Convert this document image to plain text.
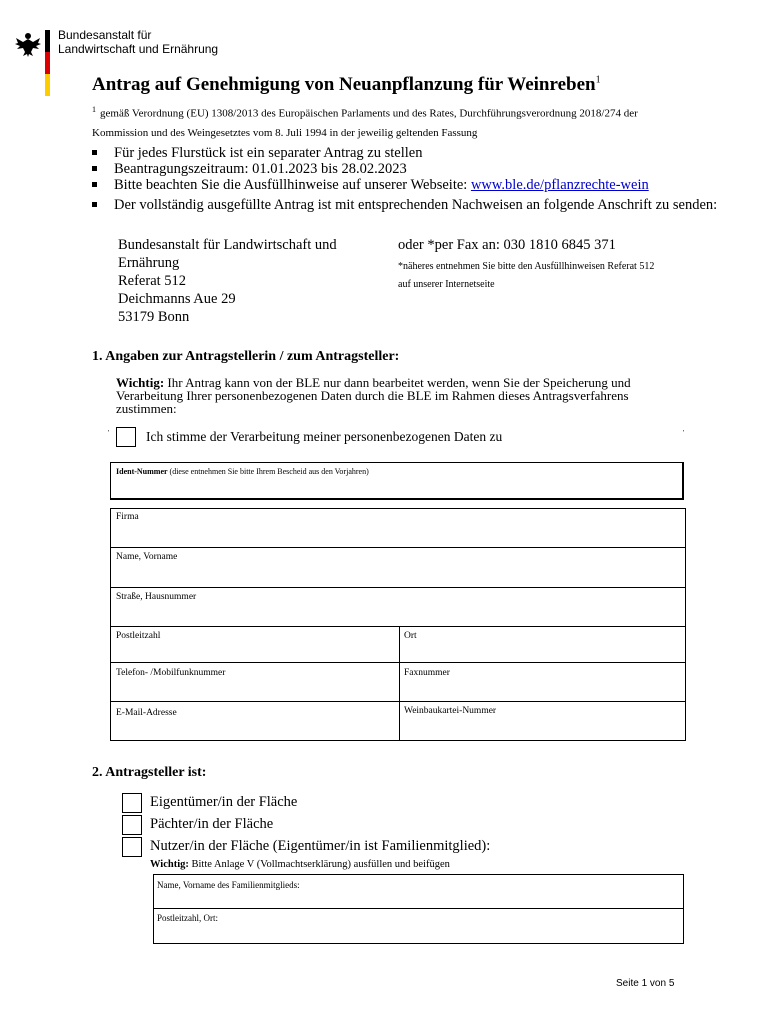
Bundesanstalt für
Landwirtschaft und Ernährung
Antrag auf Genehmigung von Neuanpflanzung für Weinreben$^1$
$^1$ gemäß Verordnung (EU) 1308/2013 des Europäischen Parlaments und des Rates, Durchführungsverordnung 2018/274 der Kommission und des Weingesetztes vom 8. Juli 1994 in der jeweilig geltenden Fassung
Für jedes Flurstück ist ein separater Antrag zu stellen
Beantragungszeitraum: 01.01.2023 bis 28.02.2023
Bitte beachten Sie die Ausfüllhinweise auf unserer Webseite: www.ble.de/pflanzrechte-wein
Der vollständig ausgefüllte Antrag ist mit entsprechenden Nachweisen an folgende Anschrift zu senden:
Bundesanstalt für Landwirtschaft und
Ernährung
Referat 512
Deichmanns Aue 29
53179 Bonn
oder *per Fax an: 030 1810 6845 371
*näheres entnehmen Sie bitte den Ausfüllhinweisen Referat 512
auf unserer Internetseite
1. Angaben zur Antragstellerin / zum Antragsteller:
Wichtig: Ihr Antrag kann von der BLE nur dann bearbeitet werden, wenn Sie der Speicherung und Verarbeitung Ihrer personenbezogenen Daten durch die BLE im Rahmen dieses Antragsverfahrens zustimmen:
'	'
Ich stimme der Verarbeitung meiner personenbezogenen Daten zu
Ident-Nummer (diese entnehmen Sie bitte Ihrem Bescheid aus den Vorjahren)
Firma
Name, Vorname
Straße, Hausnummer
Postleitzahl	Ort
Telefon- /Mobilfunknummer	Faxnummer
E-Mail-Adresse	Weinbaukartei-Nummer
2. Antragsteller ist:
Eigentümer/in der Fläche
Pächter/in der Fläche
Nutzer/in der Fläche (Eigentümer/in ist Familienmitglied):
Wichtig: Bitte Anlage V (Vollmachtserklärung) ausfüllen und beifügen
Name, Vorname des Familienmitglieds:
Postleitzahl, Ort:
Seite 1 von 5
